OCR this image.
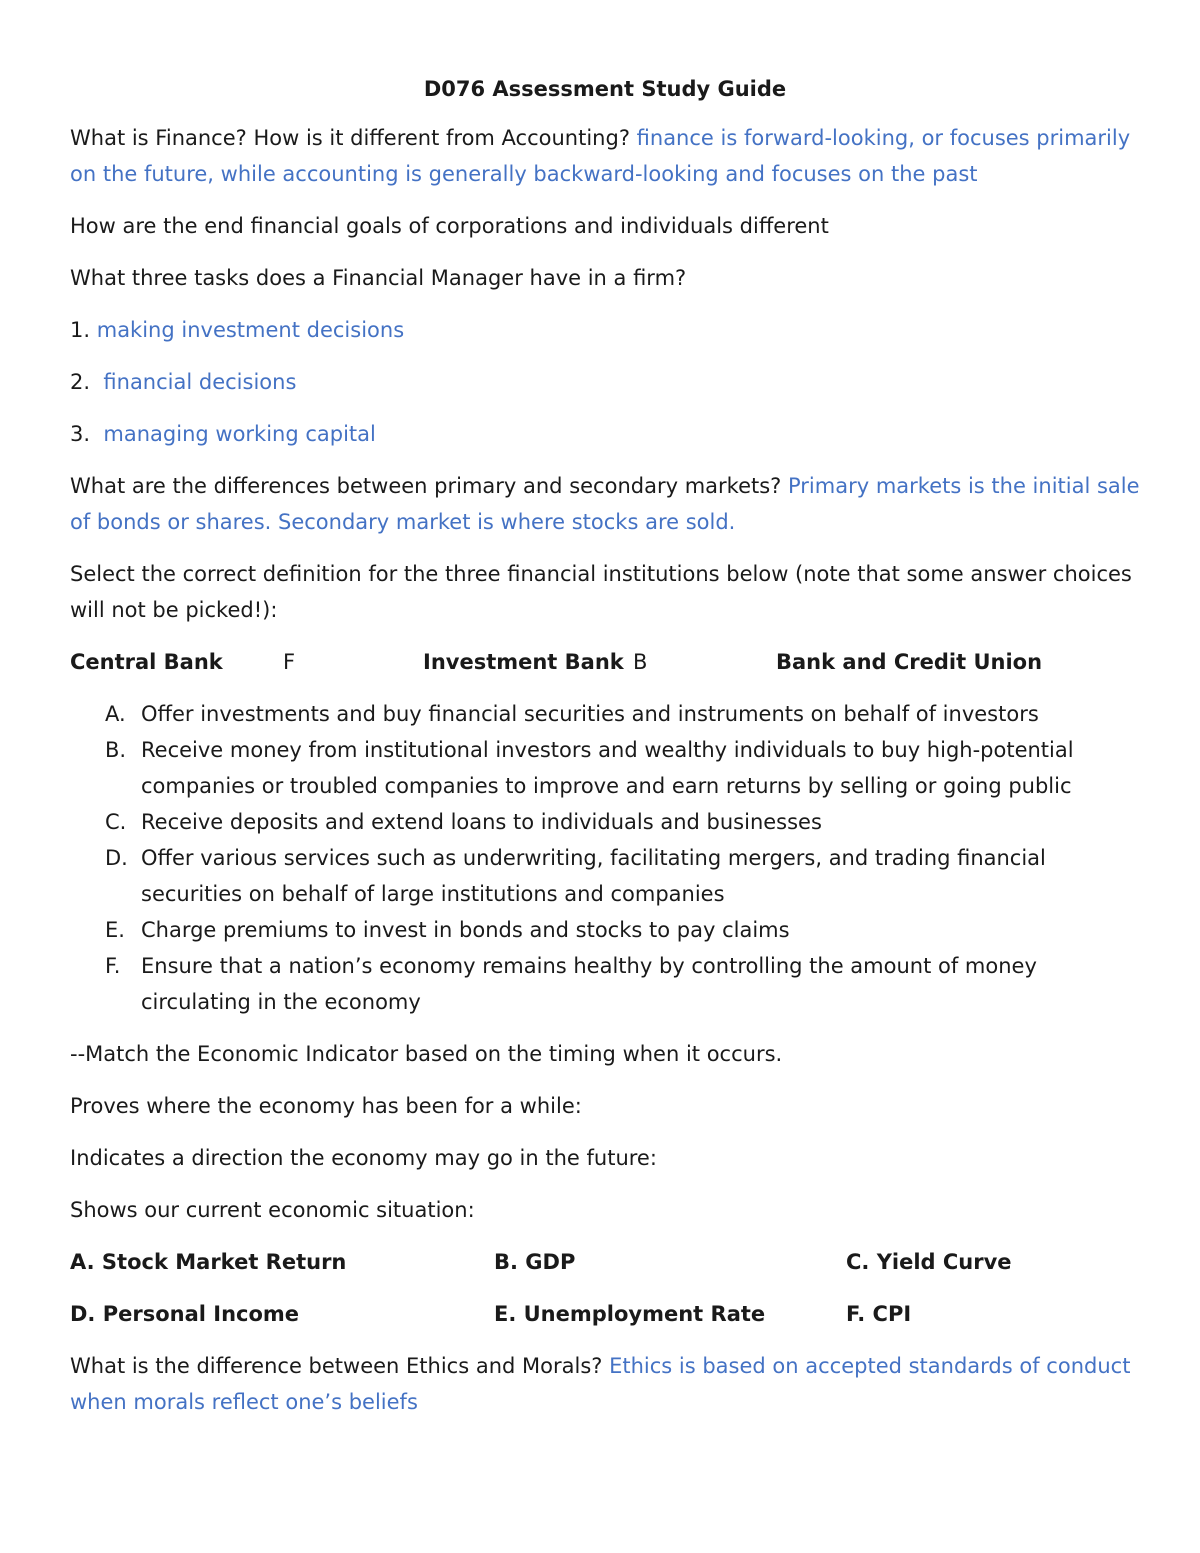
D076 Assessment Study Guide

What is Finance? How is it different from Accounting? finance is forward-looking, or focuses primarily on the future, while accounting is generally backward-looking and focuses on the past

How are the end financial goals of corporations and individuals different

What three tasks does a Financial Manager have in a firm?

1. making investment decisions
2. financial decisions
3. managing working capital

What are the differences between primary and secondary markets? Primary markets is the initial sale of bonds or shares. Secondary market is where stocks are sold.

Select the correct definition for the three financial institutions below (note that some answer choices will not be picked!):

Central Bank	F	Investment Bank B	Bank and Credit Union
A. Offer investments and buy financial securities and instruments on behalf of investors
B. Receive money from institutional investors and wealthy individuals to buy high-potential companies or troubled companies to improve and earn returns by selling or going public
C. Receive deposits and extend loans to individuals and businesses
D. Offer various services such as underwriting, facilitating mergers, and trading financial securities on behalf of large institutions and companies
E. Charge premiums to invest in bonds and stocks to pay claims
F. Ensure that a nation’s economy remains healthy by controlling the amount of money circulating in the economy

--Match the Economic Indicator based on the timing when it occurs.

Proves where the economy has been for a while:

Indicates a direction the economy may go in the future:

Shows our current economic situation:

A. Stock Market Return	B. GDP	C. Yield Curve
D. Personal Income	E. Unemployment Rate	F. CPI

What is the difference between Ethics and Morals? Ethics is based on accepted standards of conduct when morals reflect one’s beliefs
